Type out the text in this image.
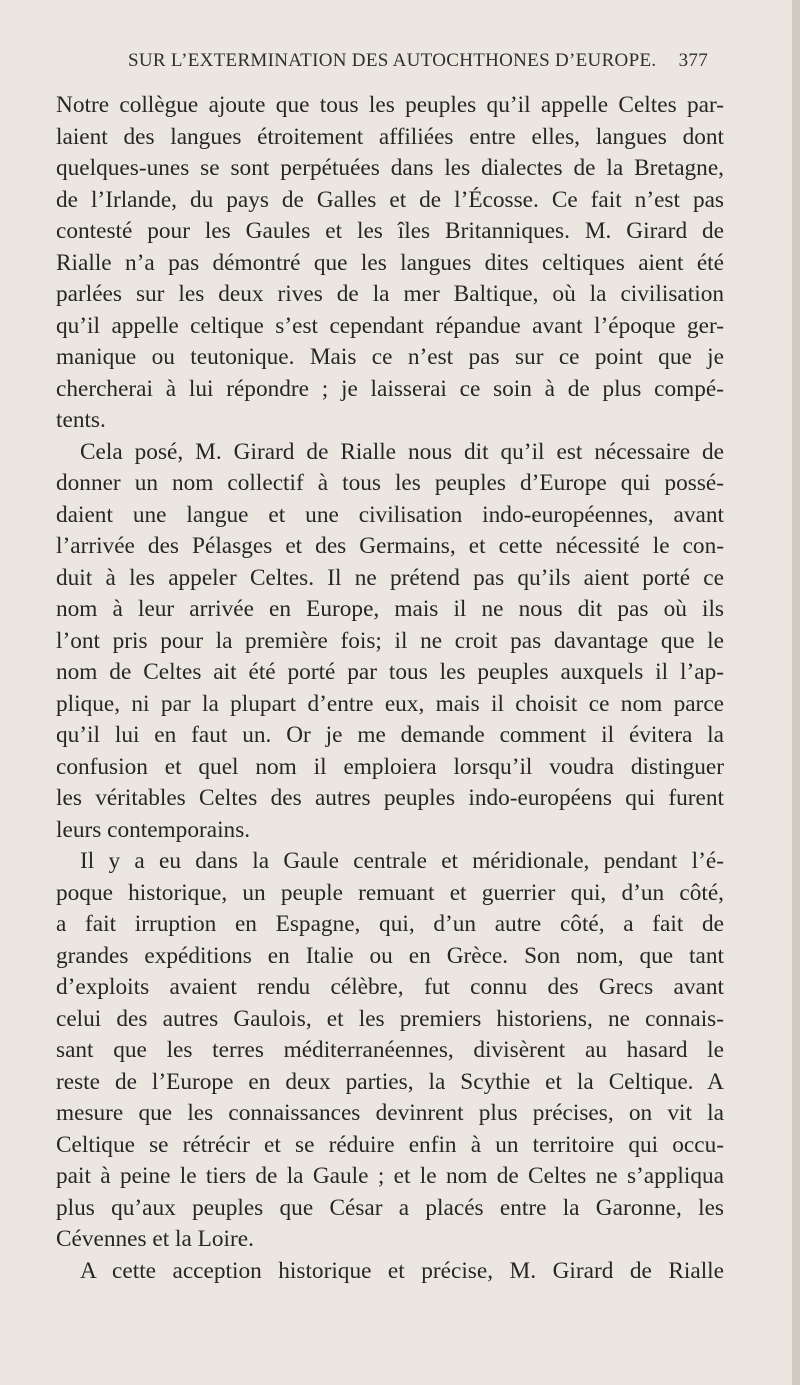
SUR L’EXTERMINATION DES AUTOCHTHONES D’EUROPE. 377
Notre collègue ajoute que tous les peuples qu’il appelle Celtes par-
laient des langues étroitement affiliées entre elles, langues dont
quelques-unes se sont perpétuées dans les dialectes de la Bretagne,
de l’Irlande, du pays de Galles et de l’Écosse. Ce fait n’est pas
contesté pour les Gaules et les îles Britanniques. M. Girard de
Rialle n’a pas démontré que les langues dites celtiques aient été
parlées sur les deux rives de la mer Baltique, où la civilisation
qu’il appelle celtique s’est cependant répandue avant l’époque ger-
manique ou teutonique. Mais ce n’est pas sur ce point que je
chercherai à lui répondre ; je laisserai ce soin à de plus compé-
tents.
Cela posé, M. Girard de Rialle nous dit qu’il est nécessaire de
donner un nom collectif à tous les peuples d’Europe qui possé-
daient une langue et une civilisation indo-européennes, avant
l’arrivée des Pélasges et des Germains, et cette nécessité le con-
duit à les appeler Celtes. Il ne prétend pas qu’ils aient porté ce
nom à leur arrivée en Europe, mais il ne nous dit pas où ils
l’ont pris pour la première fois; il ne croit pas davantage que le
nom de Celtes ait été porté par tous les peuples auxquels il l’ap-
plique, ni par la plupart d’entre eux, mais il choisit ce nom parce
qu’il lui en faut un. Or je me demande comment il évitera la
confusion et quel nom il emploiera lorsqu’il voudra distinguer
les véritables Celtes des autres peuples indo-européens qui furent
leurs contemporains.
Il y a eu dans la Gaule centrale et méridionale, pendant l’é-
poque historique, un peuple remuant et guerrier qui, d’un côté,
a fait irruption en Espagne, qui, d’un autre côté, a fait de
grandes expéditions en Italie ou en Grèce. Son nom, que tant
d’exploits avaient rendu célèbre, fut connu des Grecs avant
celui des autres Gaulois, et les premiers historiens, ne connais-
sant que les terres méditerranéennes, divisèrent au hasard le
reste de l’Europe en deux parties, la Scythie et la Celtique. A
mesure que les connaissances devinrent plus précises, on vit la
Celtique se rétrécir et se réduire enfin à un territoire qui occu-
pait à peine le tiers de la Gaule ; et le nom de Celtes ne s’appliqua
plus qu’aux peuples que César a placés entre la Garonne, les
Cévennes et la Loire.
A cette acception historique et précise, M. Girard de Rialle
